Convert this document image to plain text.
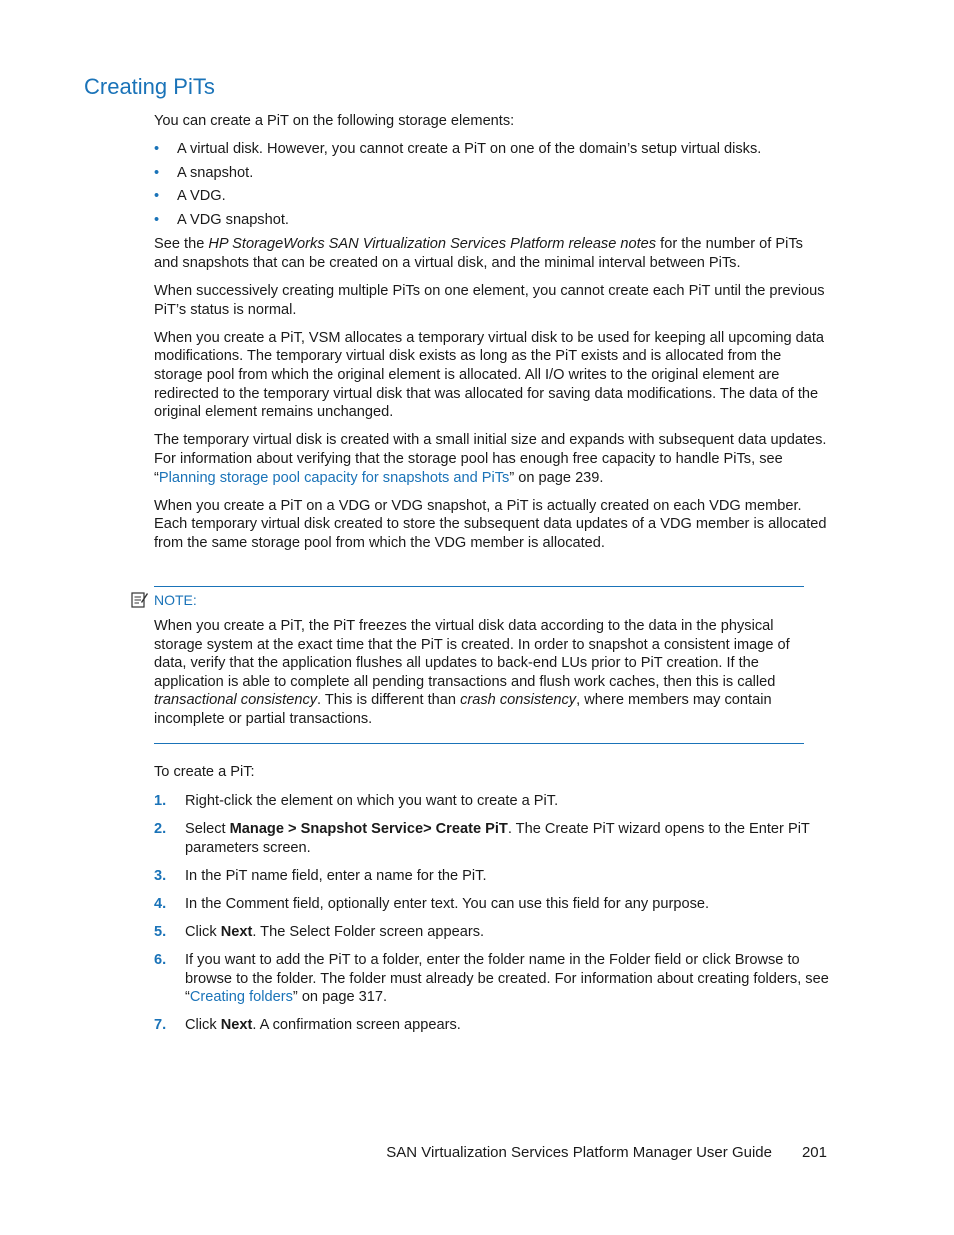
Creating PiTs

You can create a PiT on the following storage elements:

• A virtual disk. However, you cannot create a PiT on one of the domain’s setup virtual disks.
• A snapshot.
• A VDG.
• A VDG snapshot.

See the HP StorageWorks SAN Virtualization Services Platform release notes for the number of PiTs and snapshots that can be created on a virtual disk, and the minimal interval between PiTs.

When successively creating multiple PiTs on one element, you cannot create each PiT until the previous PiT’s status is normal.

When you create a PiT, VSM allocates a temporary virtual disk to be used for keeping all upcoming data modifications. The temporary virtual disk exists as long as the PiT exists and is allocated from the storage pool from which the original element is allocated. All I/O writes to the original element are redirected to the temporary virtual disk that was allocated for saving data modifications. The data of the original element remains unchanged.

The temporary virtual disk is created with a small initial size and expands with subsequent data updates. For information about verifying that the storage pool has enough free capacity to handle PiTs, see “Planning storage pool capacity for snapshots and PiTs” on page 239.

When you create a PiT on a VDG or VDG snapshot, a PiT is actually created on each VDG member. Each temporary virtual disk created to store the subsequent data updates of a VDG member is allocated from the same storage pool from which the VDG member is allocated.

NOTE:
When you create a PiT, the PiT freezes the virtual disk data according to the data in the physical storage system at the exact time that the PiT is created. In order to snapshot a consistent image of data, verify that the application flushes all updates to back-end LUs prior to PiT creation. If the application is able to complete all pending transactions and flush work caches, then this is called transactional consistency. This is different than crash consistency, where members may contain incomplete or partial transactions.

To create a PiT:

1. Right-click the element on which you want to create a PiT.
2. Select Manage > Snapshot Service> Create PiT. The Create PiT wizard opens to the Enter PiT parameters screen.
3. In the PiT name field, enter a name for the PiT.
4. In the Comment field, optionally enter text. You can use this field for any purpose.
5. Click Next. The Select Folder screen appears.
6. If you want to add the PiT to a folder, enter the folder name in the Folder field or click Browse to browse to the folder. The folder must already be created. For information about creating folders, see “Creating folders” on page 317.
7. Click Next. A confirmation screen appears.
SAN Virtualization Services Platform Manager User Guide 201
